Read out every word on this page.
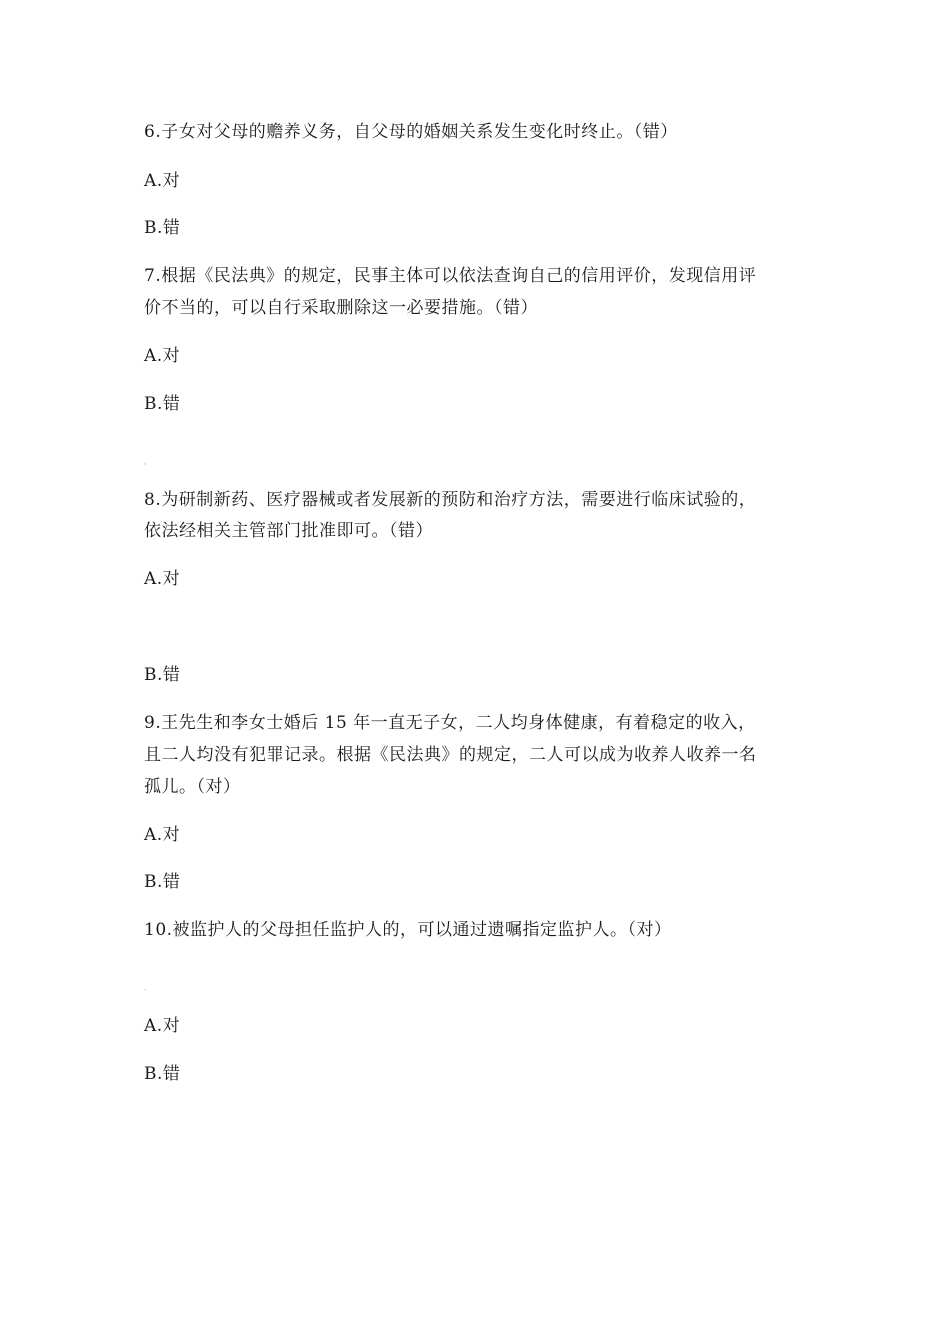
6.子女对父母的赡养义务，自父母的婚姻关系发生变化时终止。（错）
A.对
B.错
7.根据《民法典》的规定，民事主体可以依法查询自己的信用评价，发现信用评
价不当的，可以自行采取删除这一必要措施。（错）
A.对
B.错
‹
8.为研制新药、医疗器械或者发展新的预防和治疗方法，需要进行临床试验的，
依法经相关主管部门批准即可。（错）
A.对
B.错
9.王先生和李女士婚后 15 年一直无子女，二人均身体健康，有着稳定的收入，
且二人均没有犯罪记录。根据《民法典》的规定，二人可以成为收养人收养一名
孤儿。（对）
A.对
B.错
10.被监护人的父母担任监护人的，可以通过遗嘱指定监护人。（对）
.
A.对
B.错
